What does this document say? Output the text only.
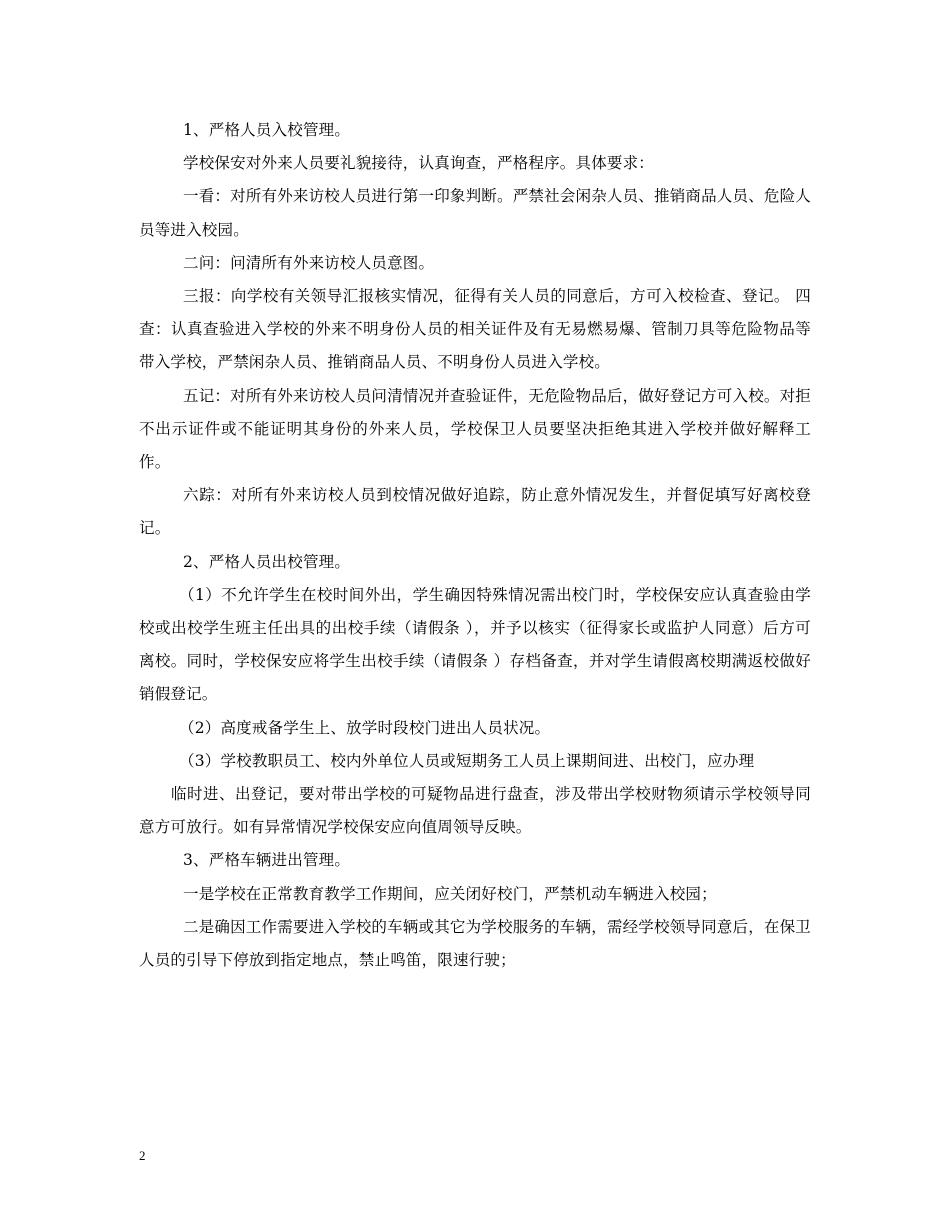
1、严格人员入校管理。

学校保安对外来人员要礼貌接待，认真询查，严格程序。具体要求：

一看：对所有外来访校人员进行第一印象判断。严禁社会闲杂人员、推销商品人员、危险人员等进入校园。

二问：问清所有外来访校人员意图。

三报：向学校有关领导汇报核实情况，征得有关人员的同意后，方可入校检查、登记。 四查：认真查验进入学校的外来不明身份人员的相关证件及有无易燃易爆、管制刀具等危险物品等带入学校，严禁闲杂人员、推销商品人员、不明身份人员进入学校。

五记：对所有外来访校人员问清情况并查验证件，无危险物品后，做好登记方可入校。对拒不出示证件或不能证明其身份的外来人员，学校保卫人员要坚决拒绝其进入学校并做好解释工作。

六踪：对所有外来访校人员到校情况做好追踪，防止意外情况发生，并督促填写好离校登记。

2、严格人员出校管理。

（1）不允许学生在校时间外出，学生确因特殊情况需出校门时，学校保安应认真查验由学校或出校学生班主任出具的出校手续（请假条 ），并予以核实（征得家长或监护人同意）后方可离校。同时，学校保安应将学生出校手续（请假条 ）存档备查，并对学生请假离校期满返校做好销假登记。

（2）高度戒备学生上、放学时段校门进出人员状况。

（3）学校教职员工、校内外单位人员或短期务工人员上课期间进、出校门，应办理

临时进、出登记，要对带出学校的可疑物品进行盘查，涉及带出学校财物须请示学校领导同意方可放行。如有异常情况学校保安应向值周领导反映。

3、严格车辆进出管理。

一是学校在正常教育教学工作期间，应关闭好校门，严禁机动车辆进入校园；

二是确因工作需要进入学校的车辆或其它为学校服务的车辆，需经学校领导同意后，在保卫人员的引导下停放到指定地点，禁止鸣笛，限速行驶；

2
